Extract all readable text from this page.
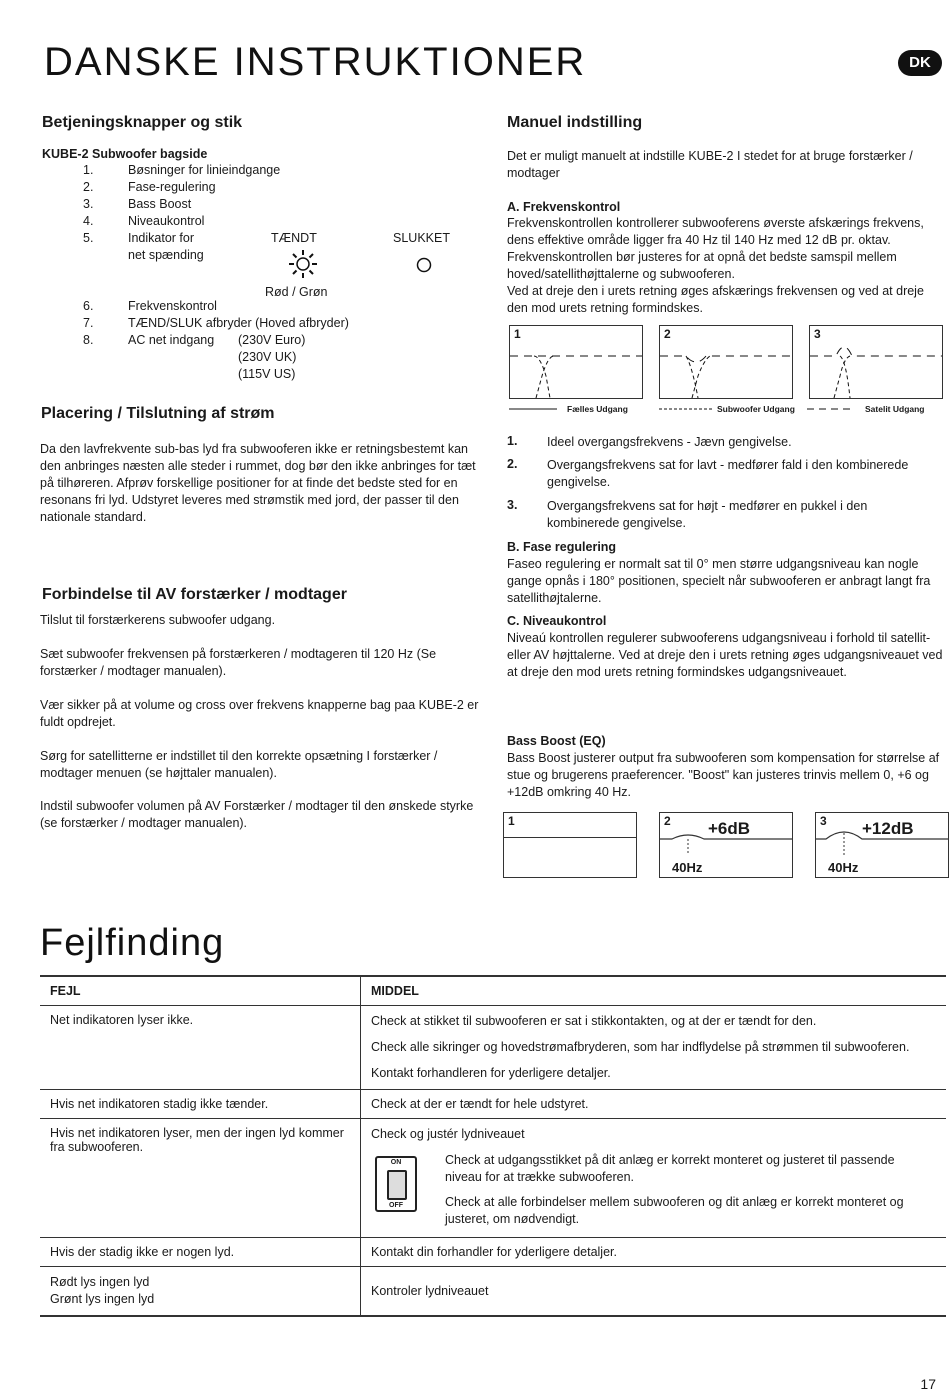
DANSKE INSTRUKTIONER	DK
Betjeningsknapper og stik

KUBE-2 Subwoofer bagside

1.	Bøsninger for linieindgange
2.	Fase-regulering
3.	Bass Boost
4.	Niveaukontrol
5.	Indikator for
net spænding
TÆNDT	SLUKKET
Rød / Grøn
6.	Frekvenskontrol
7.	TÆND/SLUK afbryder (Hoved afbryder)
8.	AC net indgang (230V Euro)
(230V UK)
(115V US)
Placering / Tilslutning af strøm

Da den lavfrekvente sub-bas lyd fra subwooferen ikke er retningsbestemt kan den anbringes næsten alle steder i rummet, dog bør den ikke anbringes for tæt på tilhøreren. Afprøv forskellige positioner for at finde det bedste sted for en resonans fri lyd. Udstyret leveres med strømstik med jord, der passer til den nationale standard.

Forbindelse til AV forstærker / modtager

Tilslut til forstærkerens subwoofer udgang.

Sæt subwoofer frekvensen på forstærkeren / modtageren til 120 Hz (Se forstærker / modtager manualen).

Vær sikker på at volume og cross over frekvens knapperne bag paa KUBE-2 er fuldt opdrejet.

Sørg for satellitterne er indstillet til den korrekte opsætning I forstærker / modtager menuen (se højttaler manualen).

Indstil subwoofer volumen på AV Forstærker / modtager til den ønskede styrke (se forstærker / modtager manualen).

Manuel indstilling

Det er muligt manuelt at indstille KUBE-2 I stedet for at bruge forstærker / modtager

A. Frekvenskontrol

Frekvenskontrollen kontrollerer subwooferens øverste afskærings frekvens, dens effektive område ligger fra 40 Hz til 140 Hz med 12 dB pr. oktav. Frekvenskontrollen bør justeres for at opnå det bedste samspil mellem hoved/satellithøjttalerne og subwooferen.

Ved at dreje den i urets retning øges afskærings frekvensen og ved at dreje den mod urets retning formindskes.

1	2	3
Fælles Udgang	Subwoofer Udgang	Satelit Udgang
1. Ideel overgangsfrekvens - Jævn gengivelse.
2. Overgangsfrekvens sat for lavt - medfører fald i den kombinerede gengivelse.
3. Overgangsfrekvens sat for højt - medfører en pukkel i den kombinerede gengivelse.

B. Fase regulering

Faseo regulering er normalt sat til 0° men større udgangsniveau kan nogle gange opnås i 180° positionen, specielt når subwooferen er anbragt langt fra satellithøjtalerne.

C. Niveaukontrol

Niveaú kontrollen regulerer subwooferens udgangsniveau i forhold til satellit- eller AV højttalerne. Ved at dreje den i urets retning øges udgangsniveauet ved at dreje den mod urets retning formindskes udgangsniveauet.

Bass Boost (EQ)

Bass Boost justerer output fra subwooferen som kompensation for størrelse af stue og brugerens praeferencer. "Boost" kan justeres trinvis mellem 0, +6 og +12dB omkring 40 Hz.

1	2 +6dB
40Hz
3 +12dB
40Hz
Fejlfinding
FEJL	MIDDEL
Net indikatoren lyser ikke.	Check at stikket til subwooferen er sat i stikkontakten, og at der er tændt for den.

Check alle sikringer og hovedstrømafbryderen, som har indflydelse på strømmen til subwooferen.

Kontakt forhandleren for yderligere detaljer.

Hvis net indikatoren stadig ikke tænder.	Check at der er tændt for hele udstyret.
Hvis net indikatoren lyser, men der ingen lyd kommer fra subwooferen.	Check og justér lydniveauet

ON
OFF

Check at udgangsstikket på dit anlæg er korrekt monteret og justeret til passende niveau for at trække subwooferen.

Check at alle forbindelser mellem subwooferen og dit anlæg er korrekt monteret og justeret, om nødvendigt.

Hvis der stadig ikke er nogen lyd.	Kontakt din forhandler for yderligere detaljer.

Rødt lys ingen lyd

Grønt lys ingen lyd	Kontroler lydniveauet
17
